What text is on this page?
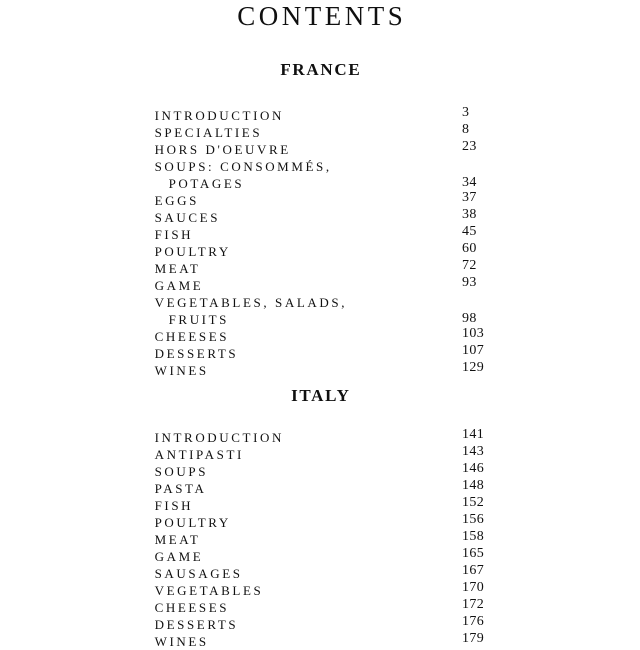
CONTENTS
FRANCE
INTRODUCTION	3
SPECIALTIES	8
HORS D'OEUVRE	23
SOUPS: CONSOMMÉS,
POTAGES	34
EGGS	37
SAUCES	38
FISH	45
POULTRY	60
MEAT	72
GAME	93
VEGETABLES, SALADS,
FRUITS	98
CHEESES	103
DESSERTS	107
WINES	129
ITALY
INTRODUCTION	141
ANTIPASTI	143
SOUPS	146
PASTA	148
FISH	152
POULTRY	156
MEAT	158
GAME	165
SAUSAGES	167
VEGETABLES	170
CHEESES	172
DESSERTS	176
WINES	179
